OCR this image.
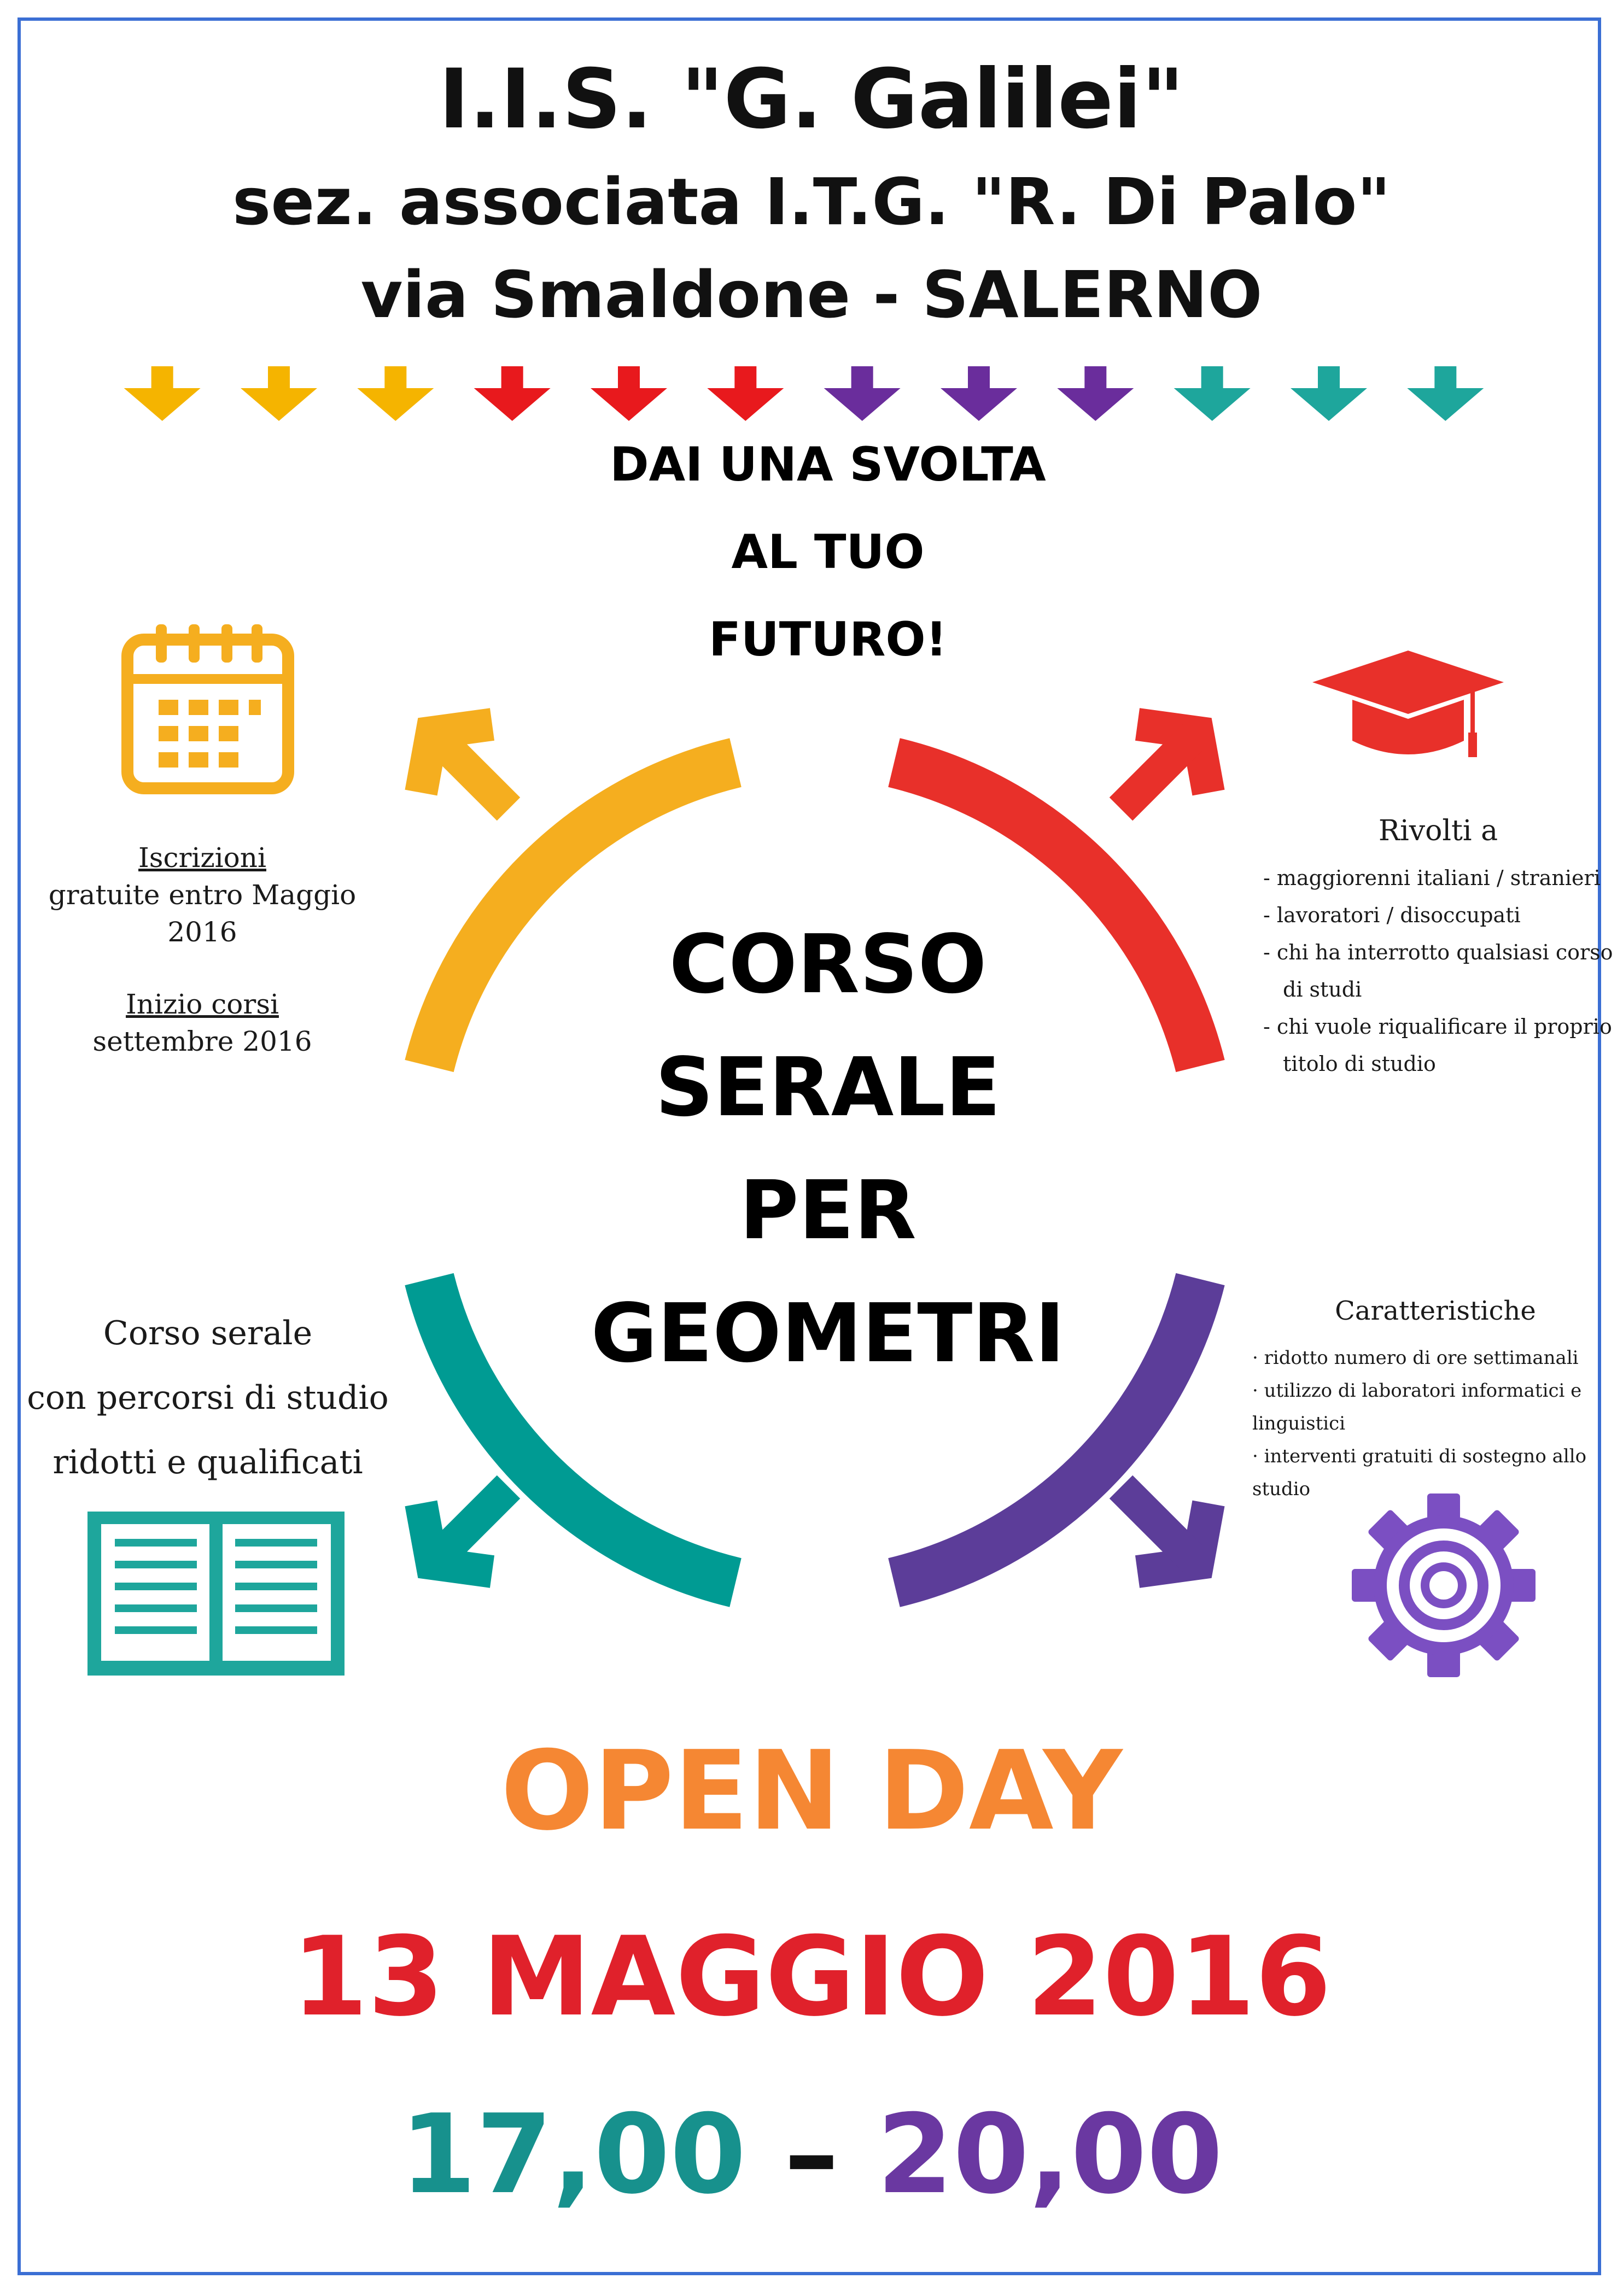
I.I.S. "G. Galilei"
sez. associata I.T.G. "R. Di Palo"
via Smaldone - SALERNO
DAI UNA SVOLTA
AL TUO
FUTURO!
CORSO
SERALE
PER
GEOMETRI
Iscrizioni
gratuite entro Maggio 2016
Inizio corsi
settembre 2016
Rivolti a
- maggiorenni italiani / stranieri
- lavoratori / disoccupati
- chi ha interrotto qualsiasi corso
di studi
- chi vuole riqualificare il proprio
titolo di studio
Corso serale
con percorsi di studio
ridotti e qualificati
Caratteristiche
· ridotto numero di ore settimanali
· utilizzo di laboratori informatici e linguistici
· interventi gratuiti di sostegno allo studio
OPEN DAY
13 MAGGIO 2016
17,00 – 20,00
